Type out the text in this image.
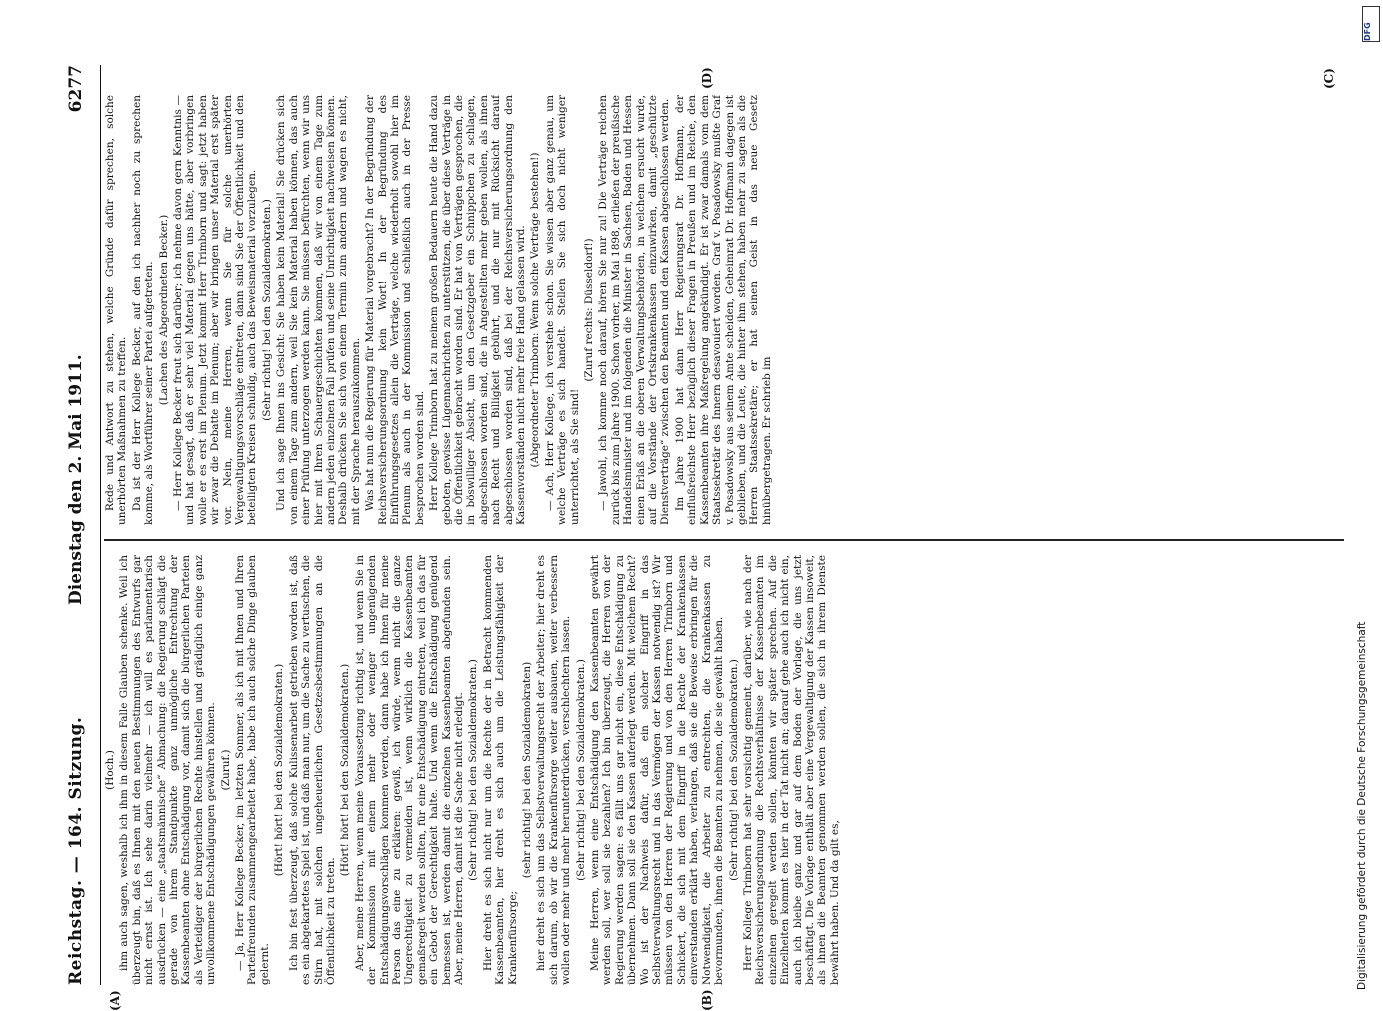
Reichstag. — 164. Sitzung.
Dienstag den 2. Mai 1911.
6277

(Hoch.) ihm auch sagen, weshalb ich ihm in diesem Falle Glauben schenke. Weil ich überzeugt bin, daß es Ihnen mit den neuen Bestimmungen des Entwurfs gar nicht ernst ist. Ich sehe darin vielmehr — ich will es parlamentarisch ausdrücken — eine „staatsmännische“ Abmachung: die Regierung schlägt die gerade von ihrem Standpunkte ganz unmögliche Entrechtung der Kassenbeamten ohne Entschädigung vor, damit sich die bürgerlichen Parteien als Verteidiger der bürgerlichen Rechte hinstellen und grädiglich einige ganz unvollkommene Entschädigungen gewähren können. (Zuruf.) — Ja, Herr Kollege Becker, im letzten Sommer, als ich mit Ihnen und Ihren Parteifreunden zusammengearbeitet habe, habe ich auch solche Dinge glauben gelernt.

(Hört! hört! bei den Sozialdemokraten.) Ich bin fest überzeugt, daß solche Kulissenarbeit getrieben worden ist, daß es ein abgekartetes Spiel ist, und daß man nur, um die Sache zu vertuschen, die Stirn hat, mit solchen ungeheuerlichen Gesetzesbestimmungen an die Öffentlichkeit zu treten.

(Hört! hört! bei den Sozialdemokraten.) Aber, meine Herren, wenn meine Voraussetzung richtig ist, und wenn Sie in der Kommission mit einem mehr oder weniger ungenügenden Entschädigungsvorschlägen kommen werden, dann habe ich Ihnen für meine Person das eine zu erklären: gewiß, ich würde, wenn nicht die ganze Ungerechtigkeit zu vermeiden ist, wenn wirklich die Kassenbeamten gemaßregelt werden sollten, für eine Entschädigung eintreten, weil ich das für ein Gebot der Gerechtigkeit halte. Und wenn die Entschädigung genügend bemessen ist, werden damit die einzelnen Kassenbeamten abgefunden sein. Aber, meine Herren, damit ist die Sache nicht erledigt. (Sehr richtig! bei den Sozialdemokraten.) Hier dreht es sich nicht nur um die Rechte der in Betracht kommenden Kassenbeamten, hier dreht es sich auch um die Leistungsfähigkeit der Krankenfürsorge;

(sehr richtig! bei den Sozialdemokraten) hier dreht es sich um das Selbstverwaltungsrecht der Arbeiter; hier dreht es sich darum, ob wir die Krankenfürsorge weiter ausbauen, weiter verbessern wollen oder mehr und mehr herunterdrücken, verschlechtern lassen. (Sehr richtig! bei den Sozialdemokraten.) Meine Herren, wenn eine Entschädigung den Kassenbeamten gewährt werden soll, wer soll sie bezahlen? Ich bin überzeugt, die Herren von der Regierung werden sagen: es fällt uns gar nicht ein, diese Entschädigung zu übernehmen. Dann soll sie den Kassen auferlegt werden. Mit welchem Recht? Wo ist der Nachweis dafür, daß ein solcher Eingriff in das Selbstverwaltungsrecht und in das Vermögen der Kassen notwendig ist? Wir müssen von den Herren der Regierung und von den Herren Trimborn und Schickert, die sich mit dem Eingriff in die Rechte der Krankenkassen einverstanden erklärt haben, verlangen, daß sie die Beweise erbringen für die Notwendigkeit, die Arbeiter zu entrechten, die Krankenkassen zu bevormunden, ihnen die Beamten zu nehmen, die sie gewählt haben. (Sehr richtig! bei den Sozialdemokraten.) Herr Kollege Trimborn hat sehr vorsichtig gemeint, darüber, wie nach der Reichsversicherungsordnung die Rechtsverhältnisse der Kassenbeamten im einzelnen geregelt werden sollen, könnten wir später sprechen. Auf die Einzelheiten kommt es hier in der Tat nicht an; darauf gehe auch ich nicht ein, auch ich bleibe ganz und gar auf dem Boden der Vorlage, die uns jetzt beschäftigt. Die Vorlage enthält aber eine Vergewaltigung der Kassen insoweit, als ihnen die Beamten genommen werden sollen, die sich in ihrem Dienste bewährt haben. Und da gilt es,

Rede und Antwort zu stehen, welche Gründe dafür sprechen, solche unerhörten Maßnahmen zu treffen. Da ist der Herr Kollege Becker, auf den ich nachher noch zu sprechen komme, als Wortführer seiner Partei aufgetreten. (Lachen des Abgeordneten Becker.) — Herr Kollege Becker freut sich darüber; ich nehme davon gern Kenntnis — und hat gesagt, daß er sehr viel Material gegen uns hätte, aber vorbringen wolle er es erst im Plenum. Jetzt kommt Herr Trimborn und sagt: jetzt haben wir zwar die Debatte im Plenum; aber wir bringen unser Material erst später vor. Nein, meine Herren, wenn Sie für solche unerhörten Vergewaltigungsvorschläge eintreten, dann sind Sie der Öffentlichkeit und den beteiligten Kreisen schuldig, auch das Beweismaterial vorzulegen. (Sehr richtig! bei den Sozialdemokraten.) Und ich sage Ihnen ins Gesicht: Sie haben kein Material! Sie drücken sich von einem Tage zum andern, weil Sie kein Material haben können, das auch einer Prüfung unterzogen werden kann. Sie müssen befürchten, wenn wir uns hier mit Ihren Schauergeschichten kommen, daß wir von einem Tage zum andern jeden einzelnen Fall prüfen und seine Unrichtigkeit nachweisen können. Deshalb drücken Sie sich von einem Termin zum andern und wagen es nicht, mit der Sprache herauszukommen. Was hat nun die Regierung für Material vorgebracht? In der Begründung der Reichsversicherungsordnung kein Wort! In der Begründung des Einführungsgesetzes allein die Verträge, welche wiederholt sowohl hier im Plenum als auch in der Kommission und schließlich auch in der Presse besprochen worden sind. Herr Kollege Trimborn hat zu meinem großen Bedauern heute die Hand dazu geboten, gewisse Lügennachrichten zu unterstützen, die über diese Verträge in die Öffentlichkeit gebracht worden sind. Er hat von Verträgen gesprochen, die in böswilliger Absicht, um den Gesetzgeber ein Schnippchen zu schlagen, abgeschlossen worden sind, die in Angestellten mehr geben wollen, als ihnen nach Recht und Billigkeit gebührt, und die nur mit Rücksicht darauf abgeschlossen worden sind, daß bei der Reichsversicherungsordnung den Kassenvorständen nicht mehr freie Hand gelassen wird. (Abgeordneter Trimborn: Wenn solche Verträge bestehen!) — Ach, Herr Kollege, ich verstehe schon. Sie wissen aber ganz genau, um welche Verträge es sich handelt. Stellen Sie sich doch nicht weniger unterrichtet, als Sie sind!

(Zuruf rechts: Düsseldorf!) — Jawohl, ich komme noch darauf, hören Sie nur zu! Die Verträge reichen zurück bis zum Jahre 1900. Schon vorher, im Mai 1898, erließen der preußische Handelsminister und im folgenden die Minister in Sachsen, Baden und Hessen einen Erlaß an die oberen Verwaltungsbehörden, in welchem ersucht wurde, auf die Vorstände der Ortskrankenkassen einzuwirken, damit „geschützte Dienstverträge“ zwischen den Beamten und den Kassen abgeschlossen werden. Im Jahre 1900 hat dann Herr Regierungsrat Dr. Hoffmann, der einflußreichste Herr bezüglich dieser Fragen in Preußen und im Reiche, den Kassenbeamten ihre Maßregelung angekündigt. Er ist zwar damals vom dem Staatssekretär des Innern desavouiert worden. Graf v. Posadowsky mußte Graf v. Posadowsky aus seinem Amte scheiden, Geheimrat Dr. Hoffmann dagegen ist geblieben, und die Leute, die hinter ihm stehen, haben mehr zu sagen als die Herren Staatssekretäre; er hat seinen Geist in das neue Gesetz hinübergetragen. Er schrieb im

(A)	(B)
(C)
(D)
DFG
Digitalisierung gefördert durch die Deutsche Forschungsgemeinschaft
